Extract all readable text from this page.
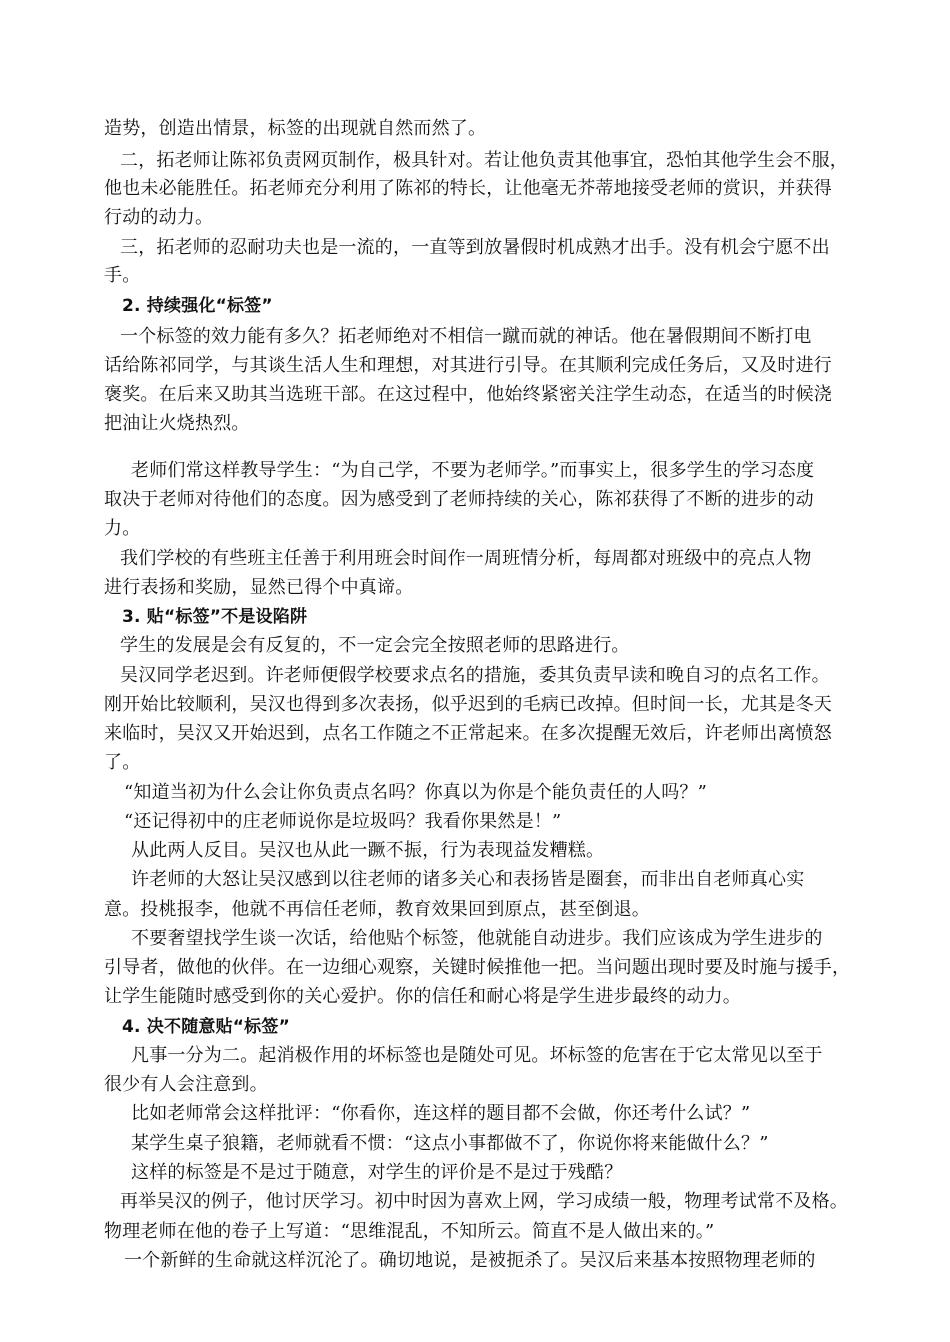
造势，创造出情景，标签的出现就自然而然了。
二，拓老师让陈祁负责网页制作，极具针对。若让他负责其他事宜，恐怕其他学生会不服，
他也未必能胜任。拓老师充分利用了陈祁的特长，让他毫无芥蒂地接受老师的赏识，并获得
行动的动力。
三，拓老师的忍耐功夫也是一流的，一直等到放暑假时机成熟才出手。没有机会宁愿不出
手。
2. 持续强化“标签”
一个标签的效力能有多久？拓老师绝对不相信一蹴而就的神话。他在暑假期间不断打电
话给陈祁同学，与其谈生活人生和理想，对其进行引导。在其顺利完成任务后，又及时进行
褒奖。在后来又助其当选班干部。在这过程中，他始终紧密关注学生动态，在适当的时候浇
把油让火烧热烈。
老师们常这样教导学生：“为自己学，不要为老师学。”而事实上，很多学生的学习态度
取决于老师对待他们的态度。因为感受到了老师持续的关心，陈祁获得了不断的进步的动
力。
我们学校的有些班主任善于利用班会时间作一周班情分析，每周都对班级中的亮点人物
进行表扬和奖励，显然已得个中真谛。
3. 贴“标签”不是设陷阱
学生的发展是会有反复的，不一定会完全按照老师的思路进行。
吴汉同学老迟到。许老师便假学校要求点名的措施，委其负责早读和晚自习的点名工作。
刚开始比较顺利，吴汉也得到多次表扬，似乎迟到的毛病已改掉。但时间一长，尤其是冬天
来临时，吴汉又开始迟到，点名工作随之不正常起来。在多次提醒无效后，许老师出离愤怒
了。
“知道当初为什么会让你负责点名吗？你真以为你是个能负责任的人吗？”
“还记得初中的庄老师说你是垃圾吗？我看你果然是！”
从此两人反目。吴汉也从此一蹶不振，行为表现益发糟糕。
许老师的大怒让吴汉感到以往老师的诸多关心和表扬皆是圈套，而非出自老师真心实
意。投桃报李，他就不再信任老师，教育效果回到原点，甚至倒退。
不要奢望找学生谈一次话，给他贴个标签，他就能自动进步。我们应该成为学生进步的
引导者，做他的伙伴。在一边细心观察，关键时候推他一把。当问题出现时要及时施与援手，
让学生能随时感受到你的关心爱护。你的信任和耐心将是学生进步最终的动力。
4. 决不随意贴“标签”
凡事一分为二。起消极作用的坏标签也是随处可见。坏标签的危害在于它太常见以至于
很少有人会注意到。
比如老师常会这样批评：“你看你，连这样的题目都不会做，你还考什么试？”
某学生桌子狼籍，老师就看不惯：“这点小事都做不了，你说你将来能做什么？”
这样的标签是不是过于随意，对学生的评价是不是过于残酷？
再举吴汉的例子，他讨厌学习。初中时因为喜欢上网，学习成绩一般，物理考试常不及格。
物理老师在他的卷子上写道：“思维混乱，不知所云。简直不是人做出来的。”
一个新鲜的生命就这样沉沦了。确切地说，是被扼杀了。吴汉后来基本按照物理老师的
